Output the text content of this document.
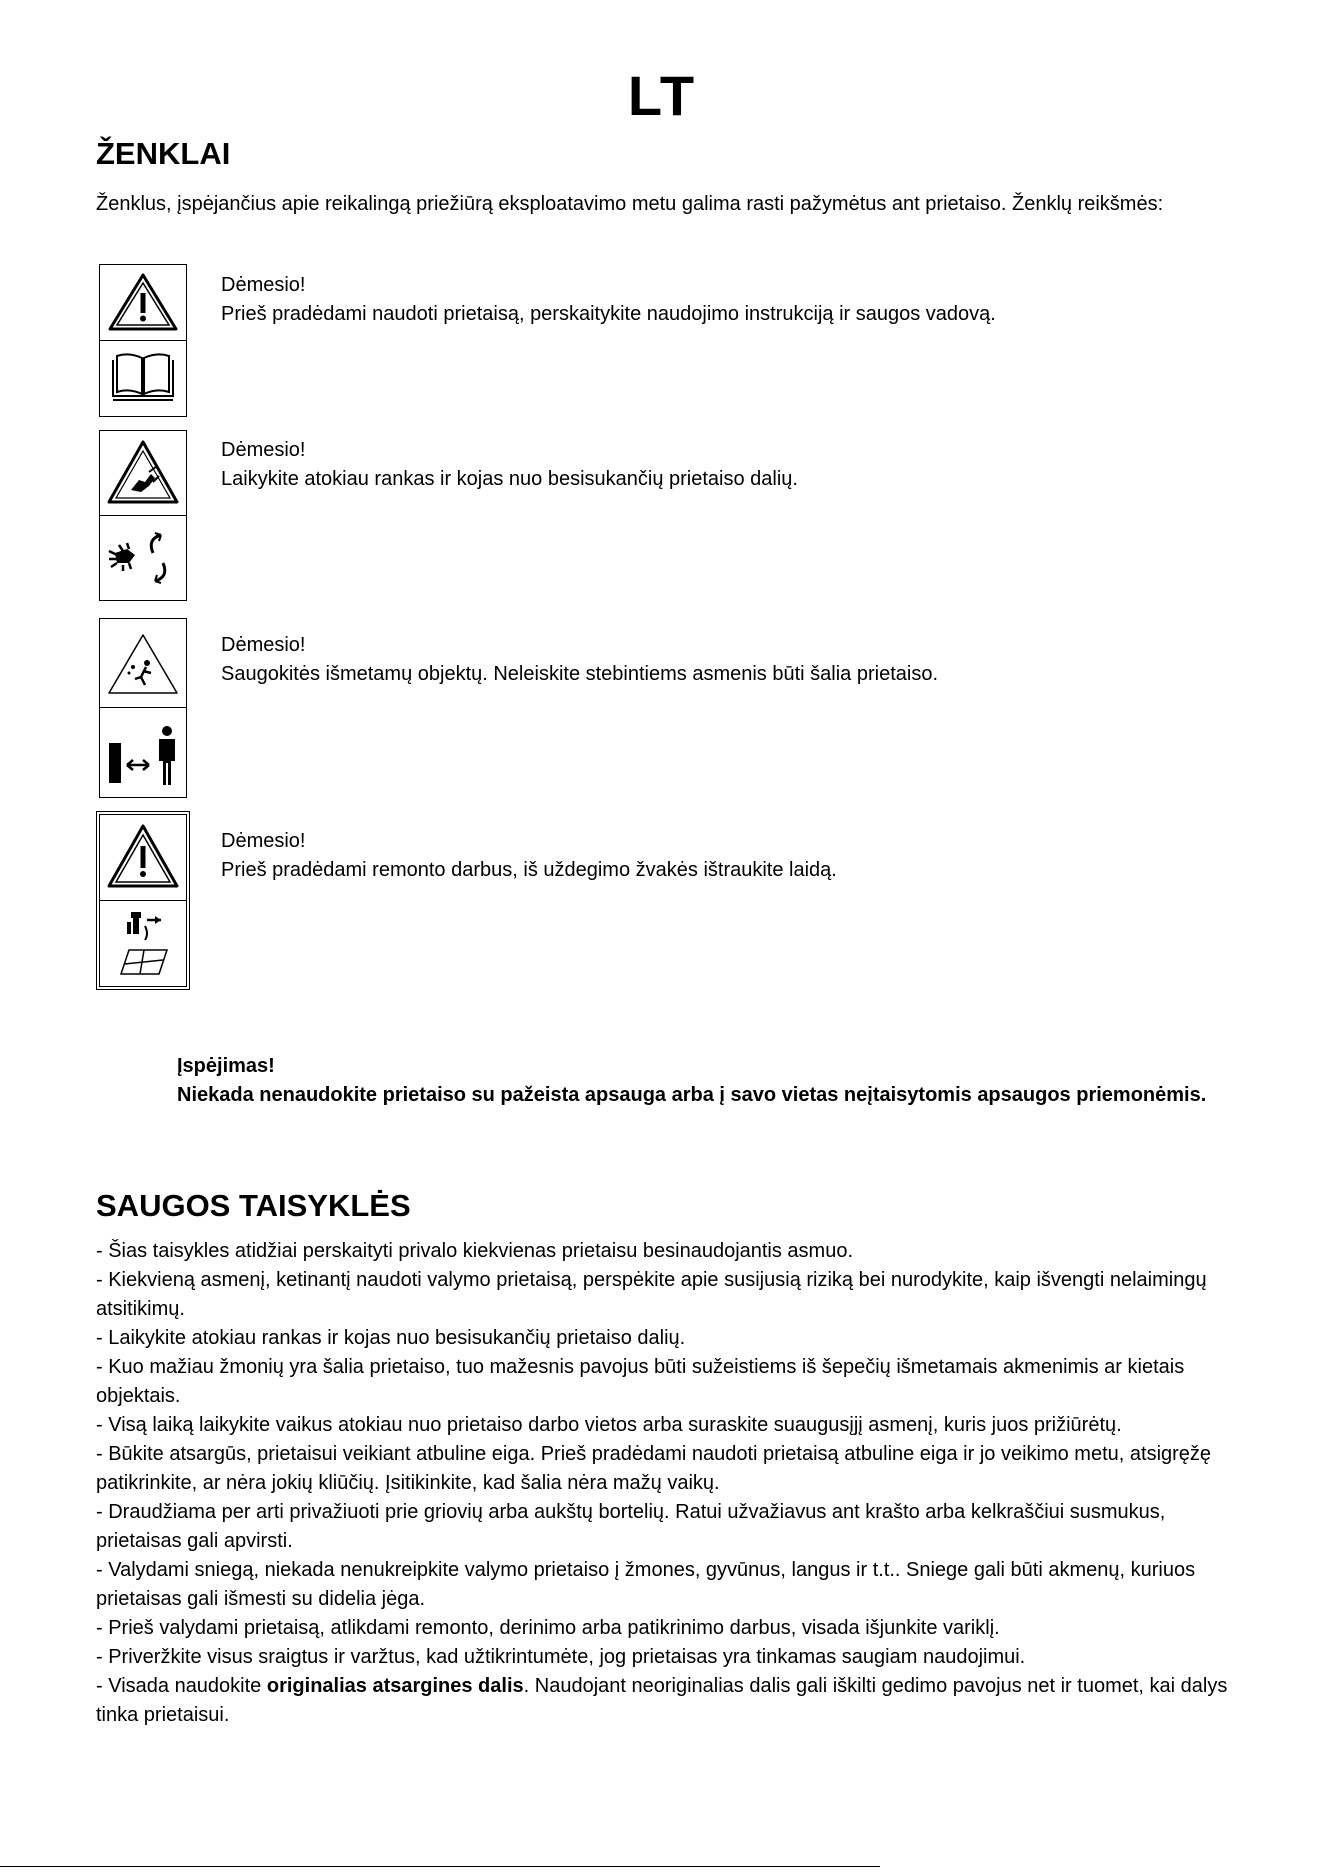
LT
ŽENKLAI

Ženklus, įspėjančius apie reikalingą priežiūrą eksploatavimo metu galima rasti pažymėtus ant prietaiso. Ženklų reikšmės:

Dėmesio!
Prieš pradėdami naudoti prietaisą, perskaitykite naudojimo instrukciją ir saugos vadovą.
Dėmesio!
Laikykite atokiau rankas ir kojas nuo besisukančių prietaiso dalių.
Dėmesio!
Saugokitės išmetamų objektų. Neleiskite stebintiems asmenis būti šalia prietaiso.
Dėmesio!
Prieš pradėdami remonto darbus, iš uždegimo žvakės ištraukite laidą.
Įspėjimas!
Niekada nenaudokite prietaiso su pažeista apsauga arba į savo vietas neįtaisytomis apsaugos priemonėmis.
SAUGOS TAISYKLĖS
- Šias taisykles atidžiai perskaityti privalo kiekvienas prietaisu besinaudojantis asmuo.
- Kiekvieną asmenį, ketinantį naudoti valymo prietaisą, perspėkite apie susijusią riziką bei nurodykite, kaip išvengti nelaimingų atsitikimų.
- Laikykite atokiau rankas ir kojas nuo besisukančių prietaiso dalių.
- Kuo mažiau žmonių yra šalia prietaiso, tuo mažesnis pavojus būti sužeistiems iš šepečių išmetamais akmenimis ar kietais objektais.
- Visą laiką laikykite vaikus atokiau nuo prietaiso darbo vietos arba suraskite suaugusįjį asmenį, kuris juos prižiūrėtų.
- Būkite atsargūs, prietaisui veikiant atbuline eiga. Prieš pradėdami naudoti prietaisą atbuline eiga ir jo veikimo metu, atsigręžę patikrinkite, ar nėra jokių kliūčių. Įsitikinkite, kad šalia nėra mažų vaikų.
- Draudžiama per arti privažiuoti prie griovių arba aukštų bortelių. Ratui užvažiavus ant krašto arba kelkraščiui susmukus, prietaisas gali apvirsti.
- Valydami sniegą, niekada nenukreipkite valymo prietaiso į žmones, gyvūnus, langus ir t.t.. Sniege gali būti akmenų, kuriuos prietaisas gali išmesti su didelia jėga.
- Prieš valydami prietaisą, atlikdami remonto, derinimo arba patikrinimo darbus, visada išjunkite variklį.
- Priveržkite visus sraigtus ir varžtus, kad užtikrintumėte, jog prietaisas yra tinkamas saugiam naudojimui.
- Visada naudokite originalias atsargines dalis. Naudojant neoriginalias dalis gali iškilti gedimo pavojus net ir tuomet, kai dalys tinka prietaisui.
